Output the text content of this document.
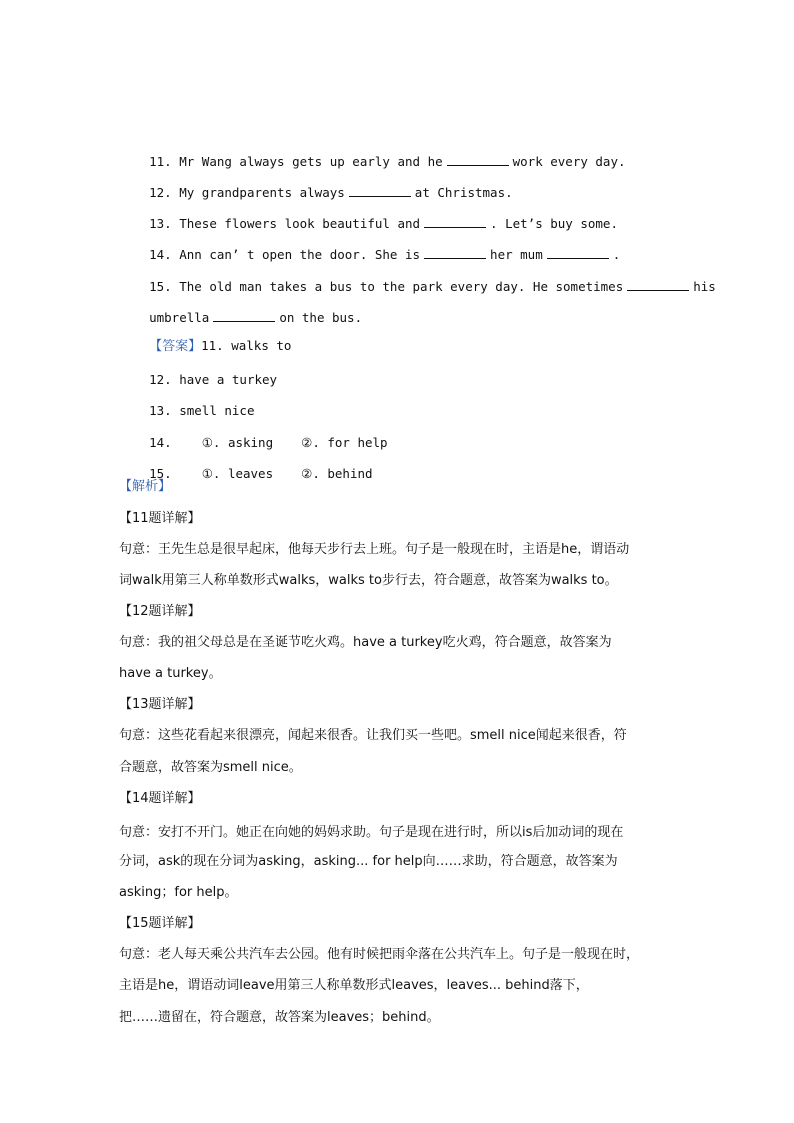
11. Mr Wang always gets up early and he	work every day.

12. My grandparents always	at Christmas.

13. These flowers look beautiful and	. Let’s buy some.

14. Ann can’ t open the door. She is	her mum	.

15. The old man takes a bus to the park every day. He sometimes	his

umbrella	on the bus.

【答案】11. walks to

12. have a turkey

13. smell nice

14. ①. asking ②. for help

15. ①. leaves ②. behind

【解析】
【11题详解】
句意：王先生总是很早起床，他每天步行去上班。句子是一般现在时，主语是he，谓语动
词walk用第三人称单数形式walks，walks to步行去，符合题意，故答案为walks to。
【12题详解】
句意：我的祖父母总是在圣诞节吃火鸡。have a turkey吃火鸡，符合题意，故答案为
have a turkey。
【13题详解】
句意：这些花看起来很漂亮，闻起来很香。让我们买一些吧。smell nice闻起来很香，符
合题意，故答案为smell nice。
【14题详解】
句意：安打不开门。她正在向她的妈妈求助。句子是现在进行时，所以is后加动词的现在
分词，ask的现在分词为asking，asking... for help向……求助，符合题意，故答案为
asking；for help。
【15题详解】
句意：老人每天乘公共汽车去公园。他有时候把雨伞落在公共汽车上。句子是一般现在时，
主语是he，谓语动词leave用第三人称单数形式leaves，leaves... behind落下，
把……遗留在，符合题意，故答案为leaves；behind。
